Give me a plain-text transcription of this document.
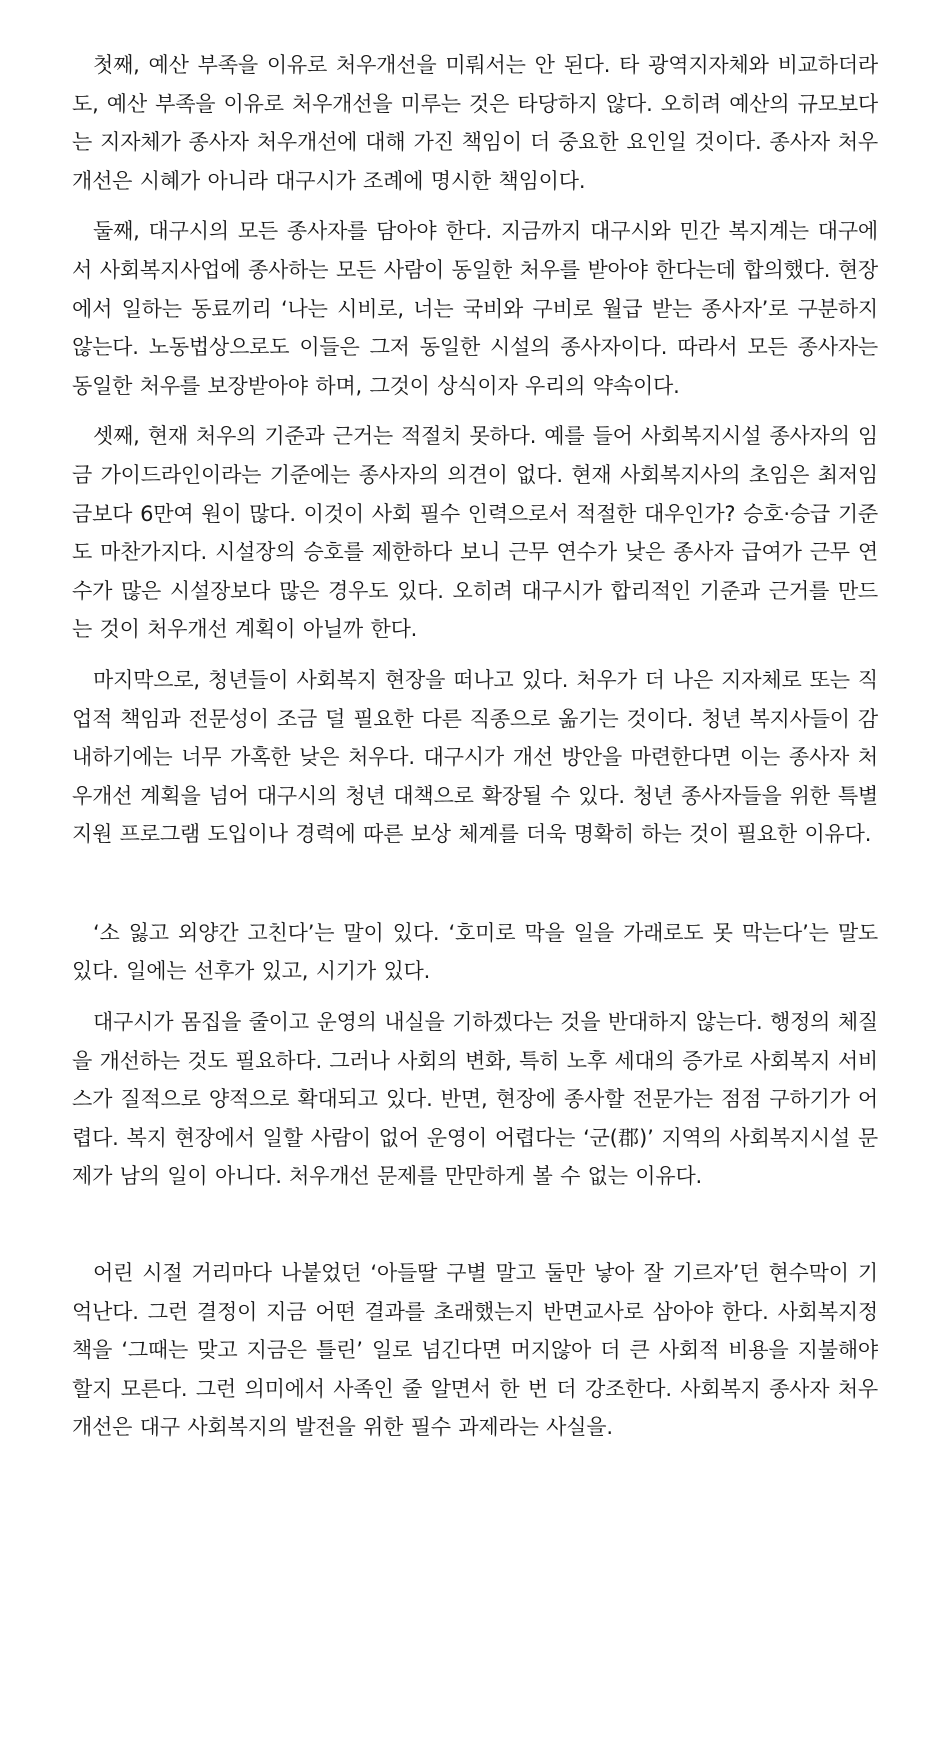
첫째, 예산 부족을 이유로 처우개선을 미뤄서는 안 된다. 타 광역지자체와 비교하더라도, 예산 부족을 이유로 처우개선을 미루는 것은 타당하지 않다. 오히려 예산의 규모보다는 지자체가 종사자 처우개선에 대해 가진 책임이 더 중요한 요인일 것이다. 종사자 처우개선은 시혜가 아니라 대구시가 조례에 명시한 책임이다.

둘째, 대구시의 모든 종사자를 담아야 한다. 지금까지 대구시와 민간 복지계는 대구에서 사회복지사업에 종사하는 모든 사람이 동일한 처우를 받아야 한다는데 합의했다. 현장에서 일하는 동료끼리 ‘나는 시비로, 너는 국비와 구비로 월급 받는 종사자’로 구분하지 않는다. 노동법상으로도 이들은 그저 동일한 시설의 종사자이다. 따라서 모든 종사자는 동일한 처우를 보장받아야 하며, 그것이 상식이자 우리의 약속이다.

셋째, 현재 처우의 기준과 근거는 적절치 못하다. 예를 들어 사회복지시설 종사자의 임금 가이드라인이라는 기준에는 종사자의 의견이 없다. 현재 사회복지사의 초임은 최저임금보다 6만여 원이 많다. 이것이 사회 필수 인력으로서 적절한 대우인가? 승호·승급 기준도 마찬가지다. 시설장의 승호를 제한하다 보니 근무 연수가 낮은 종사자 급여가 근무 연수가 많은 시설장보다 많은 경우도 있다. 오히려 대구시가 합리적인 기준과 근거를 만드는 것이 처우개선 계획이 아닐까 한다.

마지막으로, 청년들이 사회복지 현장을 떠나고 있다. 처우가 더 나은 지자체로 또는 직업적 책임과 전문성이 조금 덜 필요한 다른 직종으로 옮기는 것이다. 청년 복지사들이 감내하기에는 너무 가혹한 낮은 처우다. 대구시가 개선 방안을 마련한다면 이는 종사자 처우개선 계획을 넘어 대구시의 청년 대책으로 확장될 수 있다. 청년 종사자들을 위한 특별 지원 프로그램 도입이나 경력에 따른 보상 체계를 더욱 명확히 하는 것이 필요한 이유다.

‘소 잃고 외양간 고친다’는 말이 있다. ‘호미로 막을 일을 가래로도 못 막는다’는 말도 있다. 일에는 선후가 있고, 시기가 있다.

대구시가 몸집을 줄이고 운영의 내실을 기하겠다는 것을 반대하지 않는다. 행정의 체질을 개선하는 것도 필요하다. 그러나 사회의 변화, 특히 노후 세대의 증가로 사회복지 서비스가 질적으로 양적으로 확대되고 있다. 반면, 현장에 종사할 전문가는 점점 구하기가 어렵다. 복지 현장에서 일할 사람이 없어 운영이 어렵다는 ‘군(郡)’ 지역의 사회복지시설 문제가 남의 일이 아니다. 처우개선 문제를 만만하게 볼 수 없는 이유다.

어린 시절 거리마다 나붙었던 ‘아들딸 구별 말고 둘만 낳아 잘 기르자’던 현수막이 기억난다. 그런 결정이 지금 어떤 결과를 초래했는지 반면교사로 삼아야 한다. 사회복지정책을 ‘그때는 맞고 지금은 틀린’ 일로 넘긴다면 머지않아 더 큰 사회적 비용을 지불해야 할지 모른다. 그런 의미에서 사족인 줄 알면서 한 번 더 강조한다. 사회복지 종사자 처우개선은 대구 사회복지의 발전을 위한 필수 과제라는 사실을.
